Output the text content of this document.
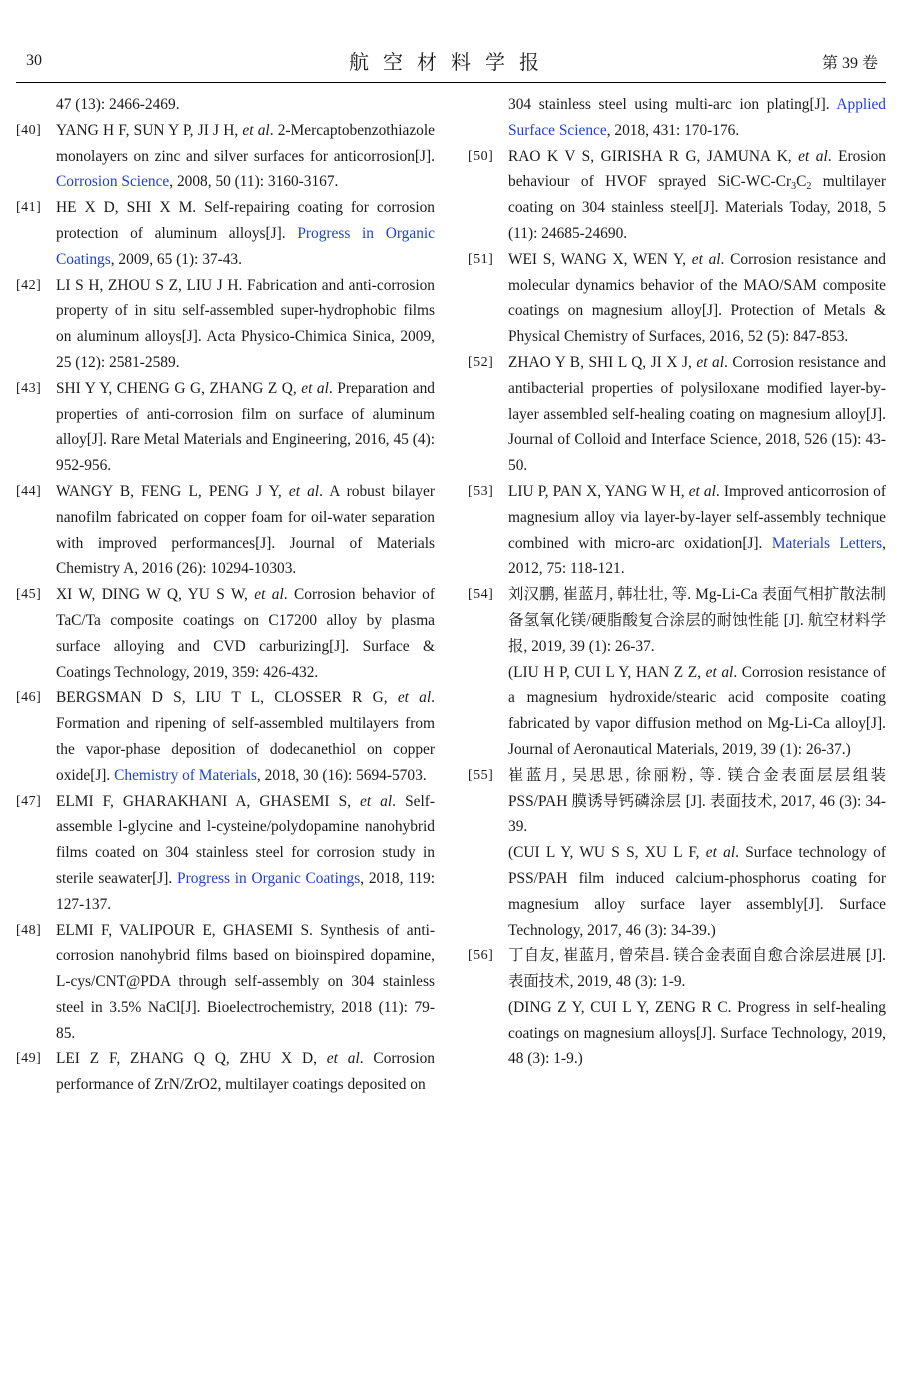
30	航空材料学报	第 39 卷
47 (13): 2466-2469.
[40] YANG H F, SUN Y P, JI J H, et al. 2-Mercaptobenzothiazole monolayers on zinc and silver surfaces for anticorrosion[J]. Corrosion Science, 2008, 50 (11): 3160-3167.
[41] HE X D, SHI X M. Self-repairing coating for corrosion protection of aluminum alloys[J]. Progress in Organic Coatings, 2009, 65 (1): 37-43.
[42] LI S H, ZHOU S Z, LIU J H. Fabrication and anti-corrosion property of in situ self-assembled super-hydrophobic films on aluminum alloys[J]. Acta Physico-Chimica Sinica, 2009, 25 (12): 2581-2589.
[43] SHI Y Y, CHENG G G, ZHANG Z Q, et al. Preparation and properties of anti-corrosion film on surface of aluminum alloy[J]. Rare Metal Materials and Engineering, 2016, 45 (4): 952-956.
[44] WANGY B, FENG L, PENG J Y, et al. A robust bilayer nanofilm fabricated on copper foam for oil-water separation with improved performances[J]. Journal of Materials Chemistry A, 2016 (26): 10294-10303.
[45] XI W, DING W Q, YU S W, et al. Corrosion behavior of TaC/Ta composite coatings on C17200 alloy by plasma surface alloying and CVD carburizing[J]. Surface & Coatings Technology, 2019, 359: 426-432.
[46] BERGSMAN D S, LIU T L, CLOSSER R G, et al. Formation and ripening of self-assembled multilayers from the vapor-phase deposition of dodecanethiol on copper oxide[J]. Chemistry of Materials, 2018, 30 (16): 5694-5703.
[47] ELMI F, GHARAKHANI A, GHASEMI S, et al. Self-assemble l-glycine and l-cysteine/polydopamine nanohybrid films coated on 304 stainless steel for corrosion study in sterile seawater[J]. Progress in Organic Coatings, 2018, 119: 127-137.
[48] ELMI F, VALIPOUR E, GHASEMI S. Synthesis of anti-corrosion nanohybrid films based on bioinspired dopamine, L-cys/CNT@PDA through self-assembly on 304 stainless steel in 3.5% NaCl[J]. Bioelectrochemistry, 2018 (11): 79-85.
[49] LEI Z F, ZHANG Q Q, ZHU X D, et al. Corrosion performance of ZrN/ZrO2, multilayer coatings deposited on
304 stainless steel using multi-arc ion plating[J]. Applied Surface Science, 2018, 431: 170-176.
[50] RAO K V S, GIRISHA R G, JAMUNA K, et al. Erosion behaviour of HVOF sprayed SiC-$WC-Cr_3C_2$ multilayer coating on 304 stainless steel[J]. Materials Today, 2018, 5 (11): 24685-24690.
[51] WEI S, WANG X, WEN Y, et al. Corrosion resistance and molecular dynamics behavior of the MAO/SAM composite coatings on magnesium alloy[J]. Protection of Metals & Physical Chemistry of Surfaces, 2016, 52 (5): 847-853.
[52] ZHAO Y B, SHI L Q, JI X J, et al. Corrosion resistance and antibacterial properties of polysiloxane modified layer-by-layer assembled self-healing coating on magnesium alloy[J]. Journal of Colloid and Interface Science, 2018, 526 (15): 43-50.
[53] LIU P, PAN X, YANG W H, et al. Improved anticorrosion of magnesium alloy via layer-by-layer self-assembly technique combined with micro-arc oxidation[J]. Materials Letters, 2012, 75: 118-121.
[54] 刘汉鹏, 崔蓝月, 韩壮壮, 等. Mg-Li-Ca 表面气相扩散法制备氢氧化镁/硬脂酸复合涂层的耐蚀性能 [J]. 航空材料学报, 2019, 39 (1): 26-37.
(LIU H P, CUI L Y, HAN Z Z, et al. Corrosion resistance of a magnesium hydroxide/stearic acid composite coating fabricated by vapor diffusion method on Mg-Li-Ca alloy[J]. Journal of Aeronautical Materials, 2019, 39 (1): 26-37.)
[55] 崔蓝月, 吴思思, 徐丽粉, 等. 镁合金表面层层组装 PSS/PAH 膜诱导钙磷涂层 [J]. 表面技术, 2017, 46 (3): 34-39.
(CUI L Y, WU S S, XU L F, et al. Surface technology of PSS/PAH film induced calcium-phosphorus coating for magnesium alloy surface layer assembly[J]. Surface Technology, 2017, 46 (3): 34-39.)
[56] 丁自友, 崔蓝月, 曾荣昌. 镁合金表面自愈合涂层进展 [J]. 表面技术, 2019, 48 (3): 1-9.
(DING Z Y, CUI L Y, ZENG R C. Progress in self-healing coatings on magnesium alloys[J]. Surface Technology, 2019, 48 (3): 1-9.)
